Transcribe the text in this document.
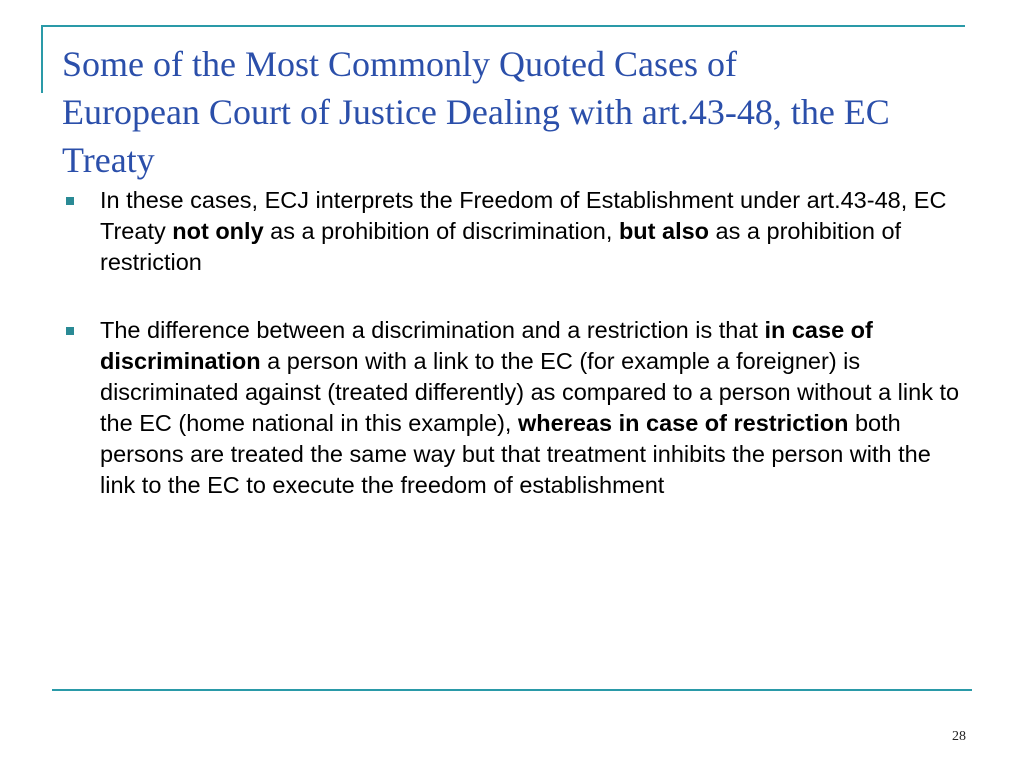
Some of the Most Commonly Quoted Cases of
European Court of Justice Dealing with art.43-48, the EC
Treaty
In these cases, ECJ interprets the Freedom of Establishment under art.43-48, EC Treaty not only as a prohibition of discrimination, but also as a prohibition of restriction
The difference between a discrimination and a restriction is that in case of discrimination a person with a link to the EC (for example a foreigner) is discriminated against (treated differently) as compared to a person without a link to the EC (home national in this example), whereas in case of restriction both persons are treated the same way but that treatment inhibits the person with the link to the EC to execute the freedom of establishment
28
